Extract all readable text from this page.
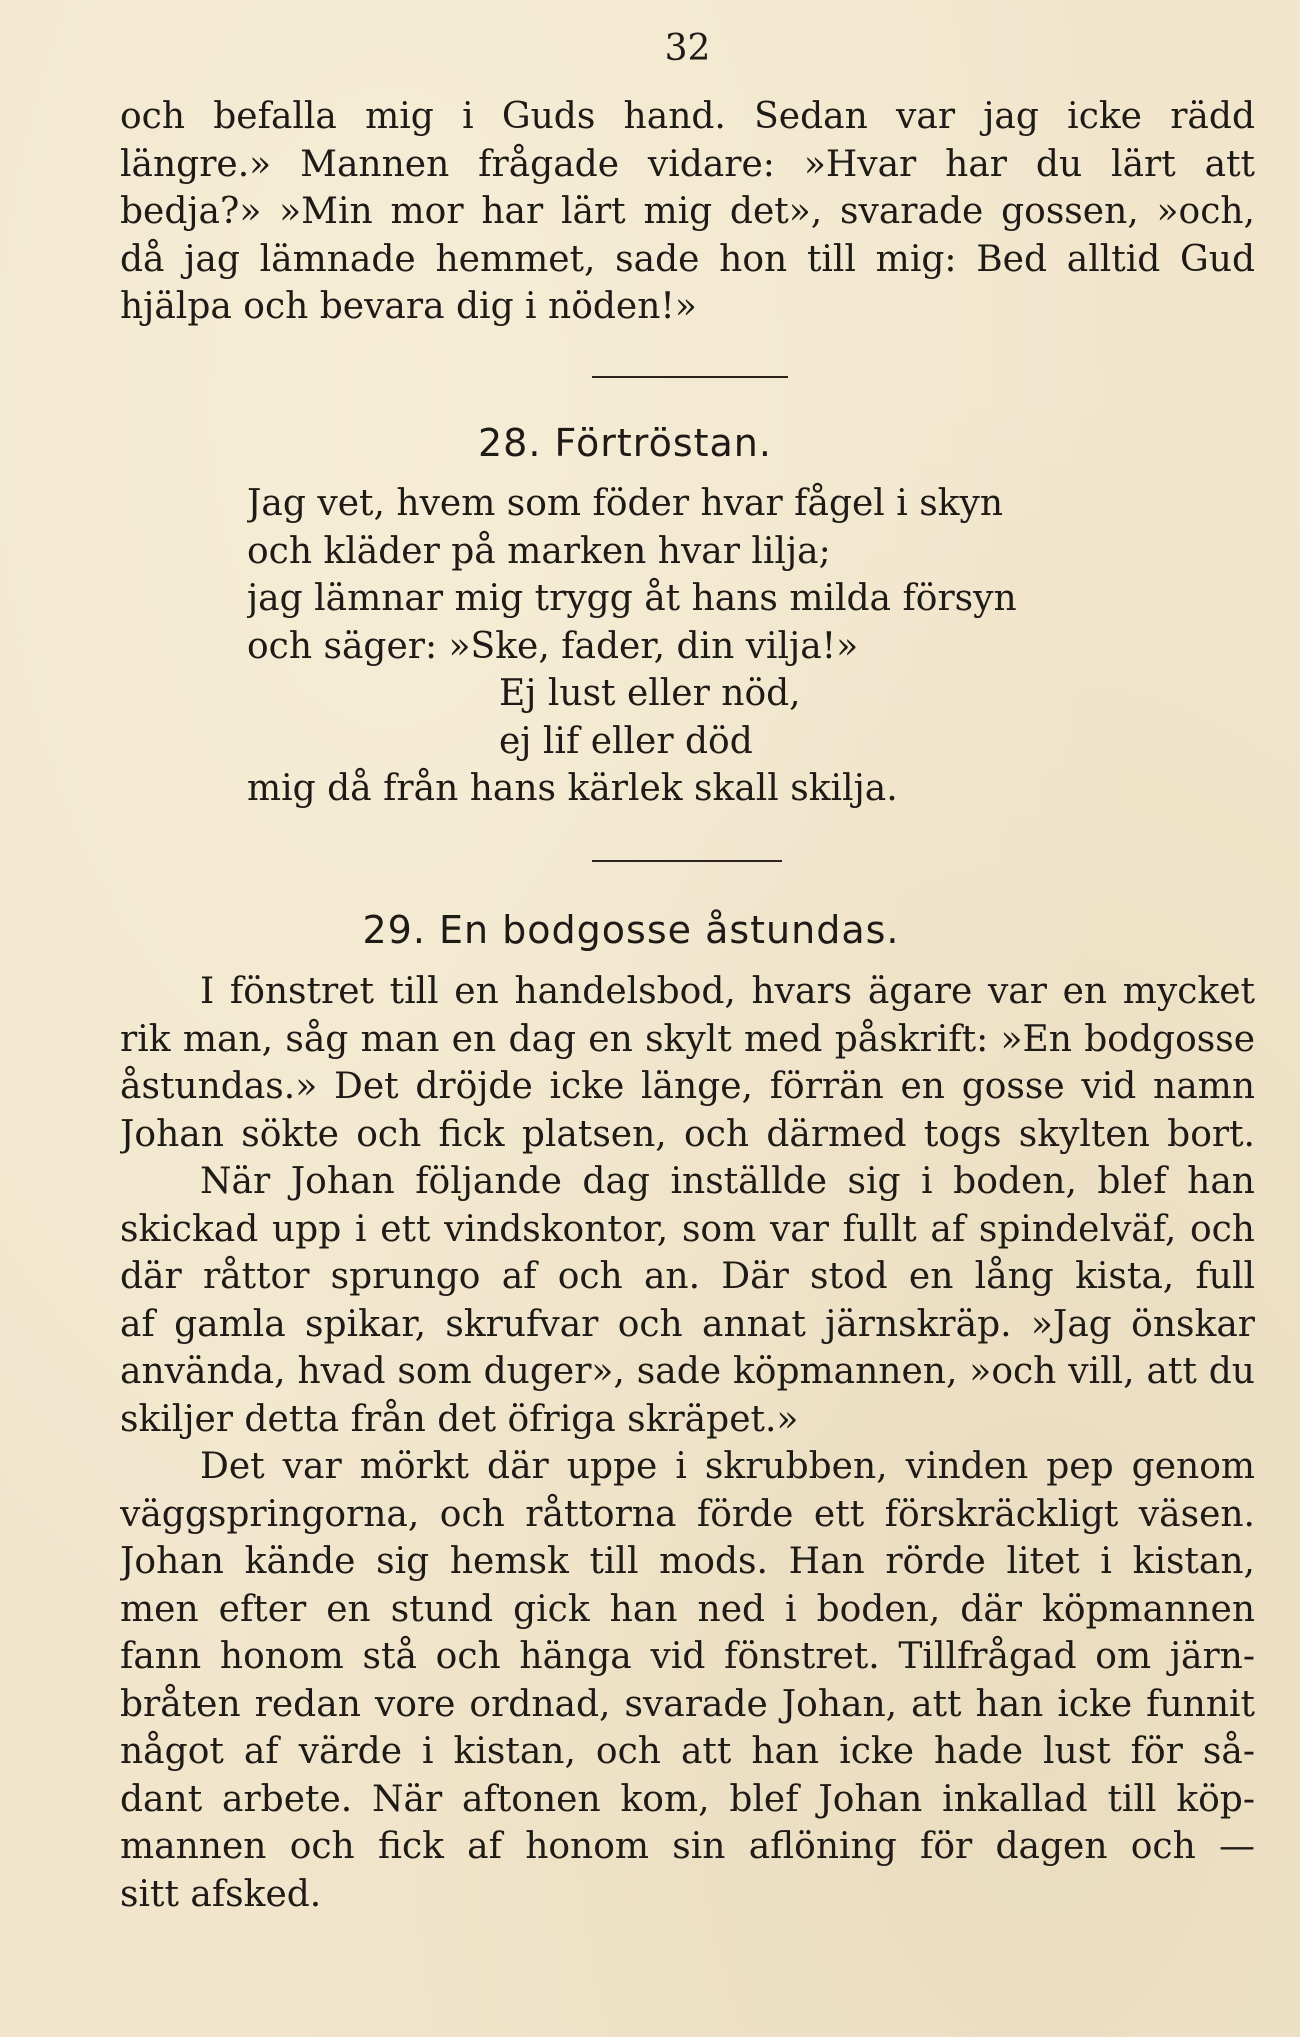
32
och befalla mig i Guds hand. Sedan var jag icke rädd
längre.» Mannen frågade vidare: »Hvar har du lärt att
bedja?» »Min mor har lärt mig det», svarade gossen, »och,
då jag lämnade hemmet, sade hon till mig: Bed alltid Gud
hjälpa och bevara dig i nöden!»
28. Förtröstan.
Jag vet, hvem som föder hvar fågel i skyn
och kläder på marken hvar lilja;
jag lämnar mig trygg åt hans milda försyn
och säger: »Ske, fader, din vilja!»
Ej lust eller nöd,
ej lif eller död
mig då från hans kärlek skall skilja.
29. En bodgosse åstundas.
I fönstret till en handelsbod, hvars ägare var en mycket
rik man, såg man en dag en skylt med påskrift: »En bodgosse
åstundas.» Det dröjde icke länge, förrän en gosse vid namn
Johan sökte och fick platsen, och därmed togs skylten bort.
När Johan följande dag inställde sig i boden, blef han
skickad upp i ett vindskontor, som var fullt af spindelväf, och
där råttor sprungo af och an. Där stod en lång kista, full
af gamla spikar, skrufvar och annat järnskräp. »Jag önskar
använda, hvad som duger», sade köpmannen, »och vill, att du
skiljer detta från det öfriga skräpet.»
Det var mörkt där uppe i skrubben, vinden pep genom
väggspringorna, och råttorna förde ett förskräckligt väsen.
Johan kände sig hemsk till mods. Han rörde litet i kistan,
men efter en stund gick han ned i boden, där köpmannen
fann honom stå och hänga vid fönstret. Tillfrågad om järn-
bråten redan vore ordnad, svarade Johan, att han icke funnit
något af värde i kistan, och att han icke hade lust för så-
dant arbete. När aftonen kom, blef Johan inkallad till köp-
mannen och fick af honom sin aflöning för dagen och —
sitt afsked.
